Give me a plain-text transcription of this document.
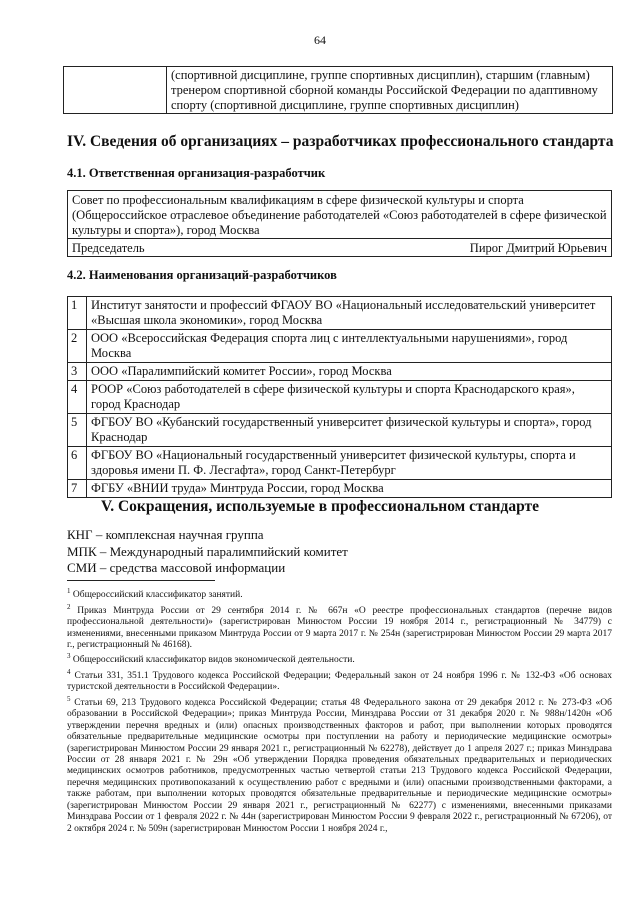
64
	(спортивной дисциплине, группе спортивных дисциплин), старшим (главным) тренером спортивной сборной команды Российской Федерации по адаптивному спорту (спортивной дисциплине, группе спортивных дисциплин)
IV. Сведения об организациях – разработчиках профессионального стандарта
4.1. Ответственная организация-разработчик
Совет по профессиональным квалификациям в сфере физической культуры и спорта (Общероссийское отраслевое объединение работодателей «Союз работодателей в сфере физической культуры и спорта»), город Москва

Председатель	Пирог Дмитрий Юрьевич
4.2. Наименования организаций-разработчиков
1	Институт занятости и профессий ФГАОУ ВО «Национальный исследовательский университет «Высшая школа экономики», город Москва
2	ООО «Всероссийская Федерация спорта лиц с интеллектуальными нарушениями», город Москва
3	ООО «Паралимпийский комитет России», город Москва
4	РООР «Союз работодателей в сфере физической культуры и спорта Краснодарского края», город Краснодар
5	ФГБОУ ВО «Кубанский государственный университет физической культуры и спорта», город Краснодар
6	ФГБОУ ВО «Национальный государственный университет физической культуры, спорта и здоровья имени П. Ф. Лесгафта», город Санкт-Петербург
7	ФГБУ «ВНИИ труда» Минтруда России, город Москва
V. Сокращения, используемые в профессиональном стандарте
КНГ – комплексная научная группа
МПК – Международный паралимпийский комитет
СМИ – средства массовой информации

$^1$ Общероссийский классификатор занятий.

$^2$ Приказ Минтруда России от 29 сентября 2014 г. № 667н «О реестре профессиональных стандартов (перечне видов профессиональной деятельности)» (зарегистрирован Минюстом России 19 ноября 2014 г., регистрационный № 34779) с изменениями, внесенными приказом Минтруда России от 9 марта 2017 г. № 254н (зарегистрирован Минюстом России 29 марта 2017 г., регистрационный № 46168).

$^3$ Общероссийский классификатор видов экономической деятельности.

$^4$ Статьи 331, 351.1 Трудового кодекса Российской Федерации; Федеральный закон от 24 ноября 1996 г. № 132-ФЗ «Об основах туристской деятельности в Российской Федерации».

$^5$ Статьи 69, 213 Трудового кодекса Российской Федерации; статья 48 Федерального закона от 29 декабря 2012 г. № 273-ФЗ «Об образовании в Российской Федерации»; приказ Минтруда России, Минздрава России от 31 декабря 2020 г. № 988н/1420н «Об утверждении перечня вредных и (или) опасных производственных факторов и работ, при выполнении которых проводятся обязательные предварительные медицинские осмотры при поступлении на работу и периодические медицинские осмотры» (зарегистрирован Минюстом России 29 января 2021 г., регистрационный № 62278), действует до 1 апреля 2027 г.; приказ Минздрава России от 28 января 2021 г. № 29н «Об утверждении Порядка проведения обязательных предварительных и периодических медицинских осмотров работников, предусмотренных частью четвертой статьи 213 Трудового кодекса Российской Федерации, перечня медицинских противопоказаний к осуществлению работ с вредными и (или) опасными производственными факторами, а также работам, при выполнении которых проводятся обязательные предварительные и периодические медицинские осмотры» (зарегистрирован Минюстом России 29 января 2021 г., регистрационный № 62277) с изменениями, внесенными приказами Минздрава России от 1 февраля 2022 г. № 44н (зарегистрирован Минюстом России 9 февраля 2022 г., регистрационный № 67206), от 2 октября 2024 г. № 509н (зарегистрирован Минюстом России 1 ноября 2024 г.,
